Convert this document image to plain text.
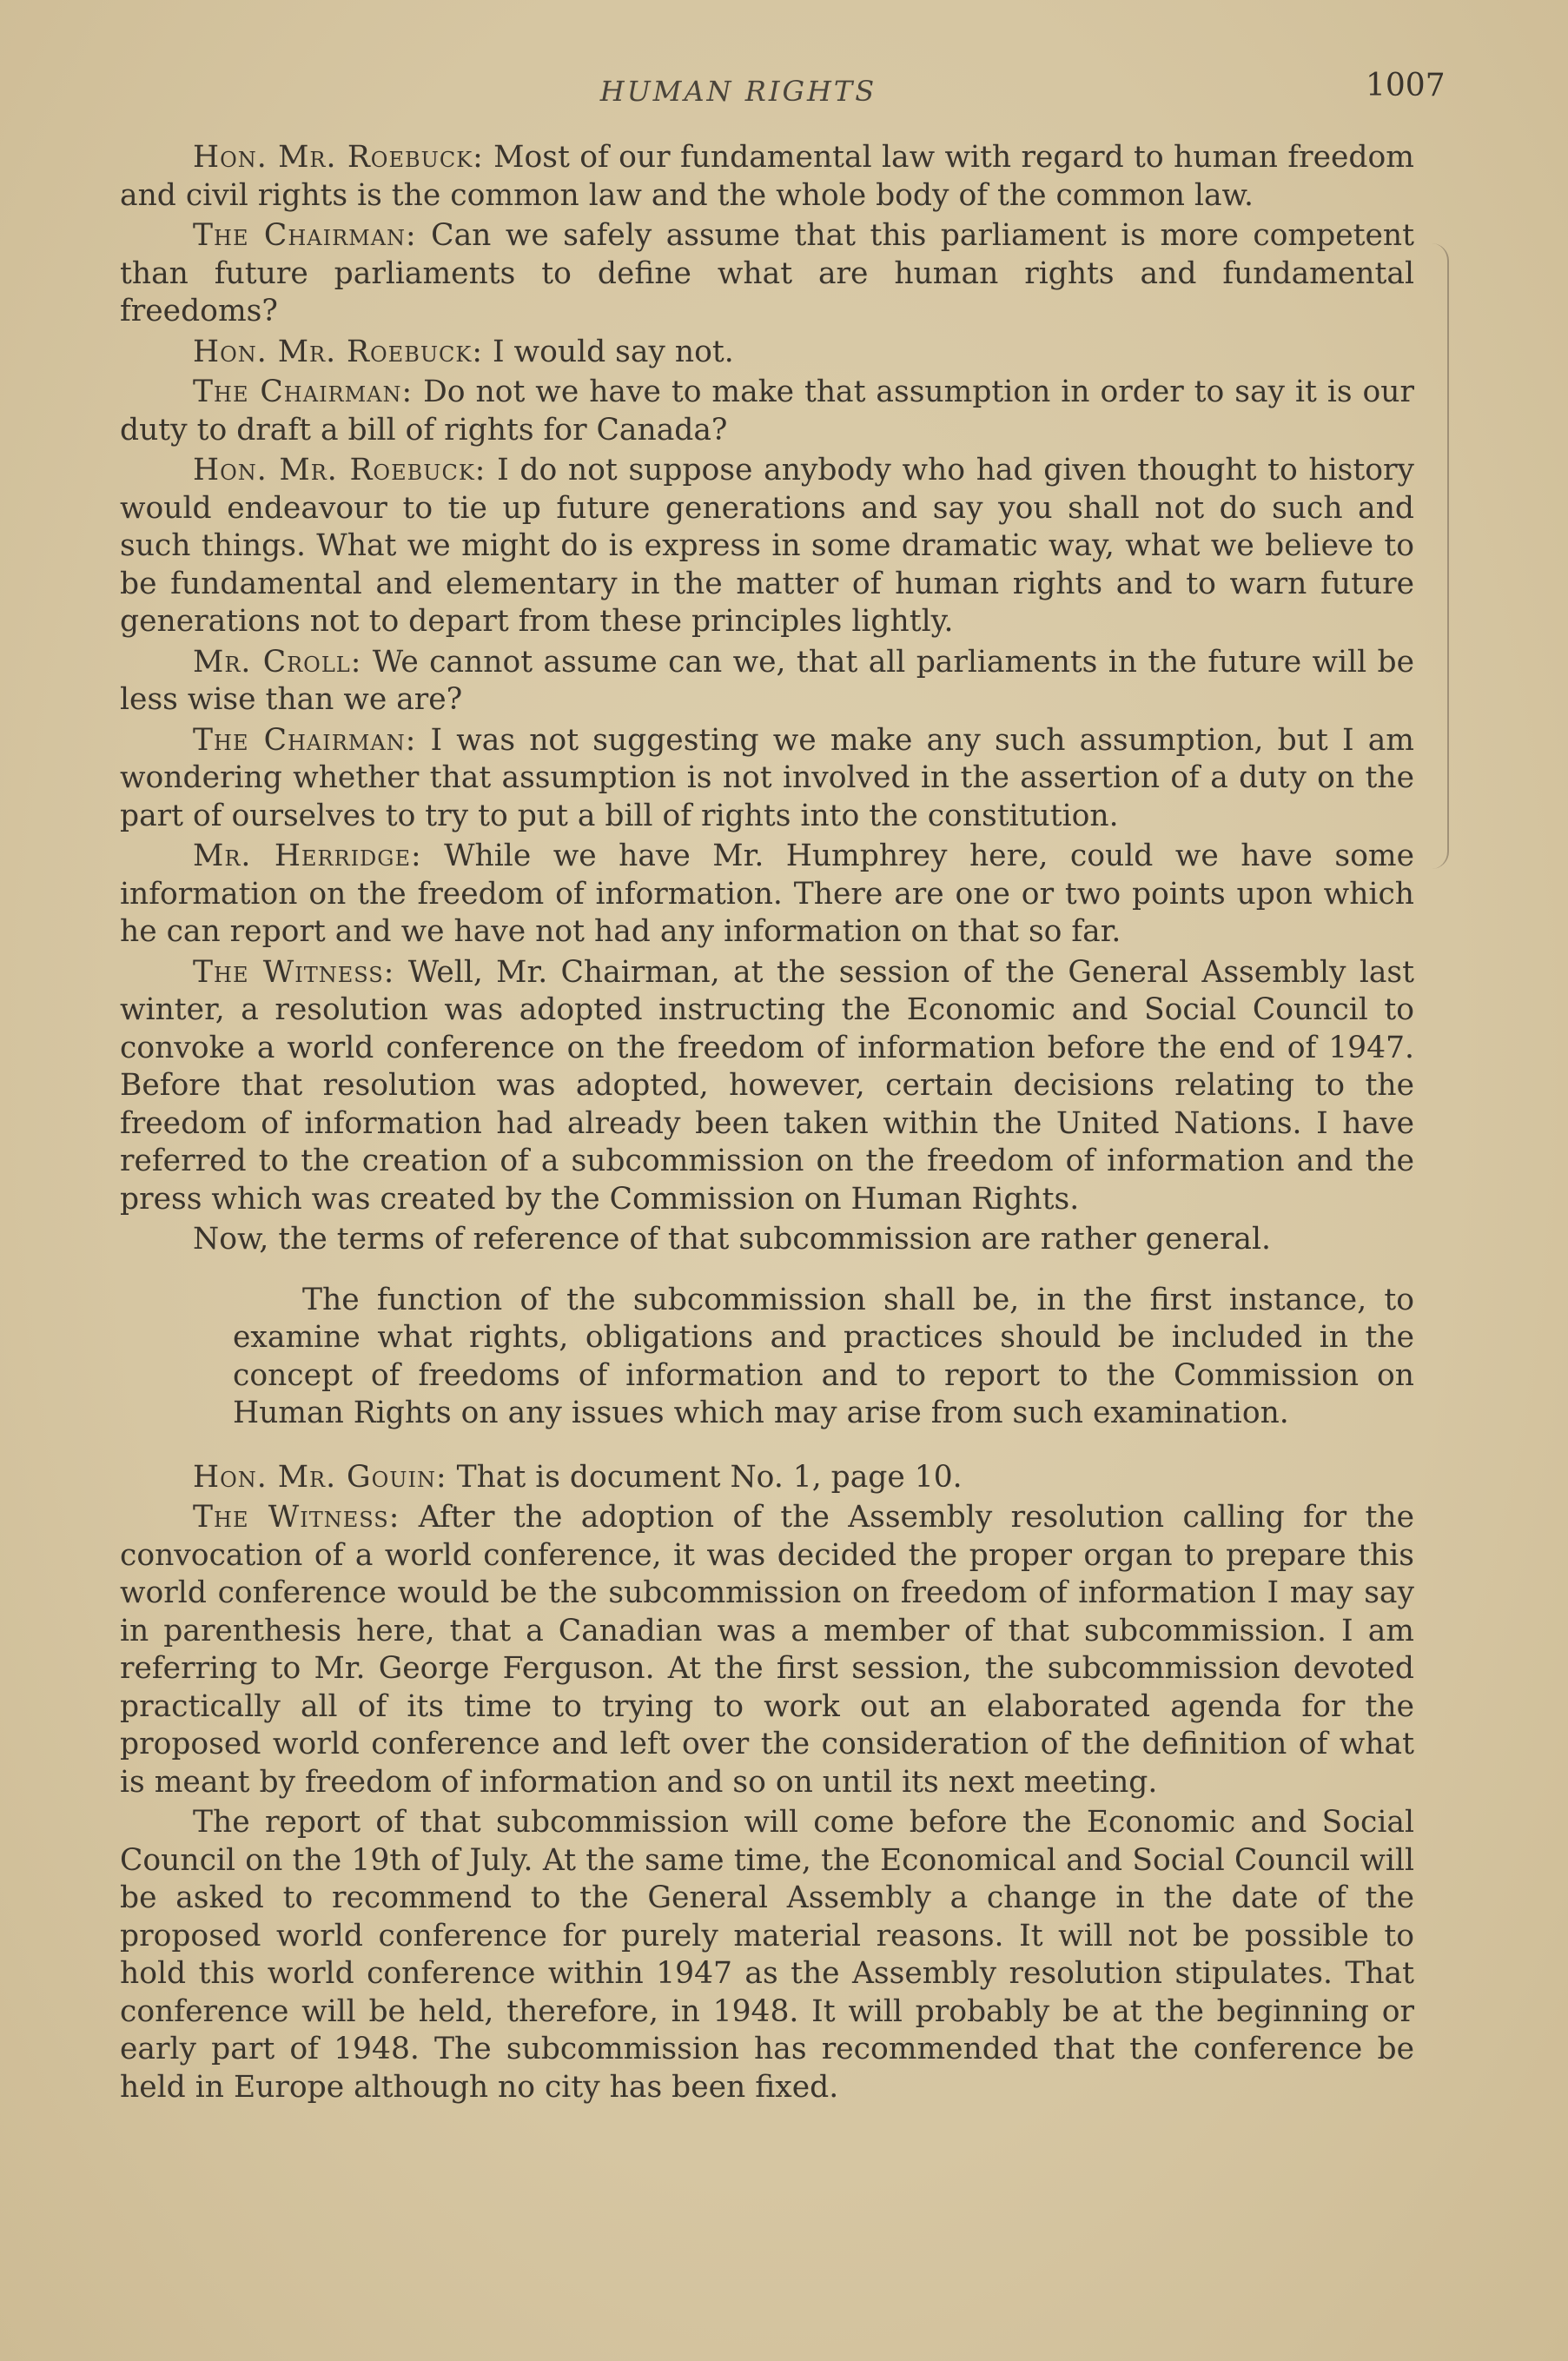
HUMAN RIGHTS	1007

Hon. Mr. Roebuck: Most of our fundamental law with regard to human freedom and civil rights is the common law and the whole body of the common law.

The Chairman: Can we safely assume that this parliament is more competent than future parliaments to define what are human rights and fundamental freedoms?

Hon. Mr. Roebuck: I would say not.

The Chairman: Do not we have to make that assumption in order to say it is our duty to draft a bill of rights for Canada?

Hon. Mr. Roebuck: I do not suppose anybody who had given thought to history would endeavour to tie up future generations and say you shall not do such and such things. What we might do is express in some dramatic way, what we believe to be fundamental and elementary in the matter of human rights and to warn future generations not to depart from these principles lightly.

Mr. Croll: We cannot assume can we, that all parliaments in the future will be less wise than we are?

The Chairman: I was not suggesting we make any such assumption, but I am wondering whether that assumption is not involved in the assertion of a duty on the part of ourselves to try to put a bill of rights into the constitution.

Mr. Herridge: While we have Mr. Humphrey here, could we have some information on the freedom of information. There are one or two points upon which he can report and we have not had any information on that so far.

The Witness: Well, Mr. Chairman, at the session of the General Assembly last winter, a resolution was adopted instructing the Economic and Social Council to convoke a world conference on the freedom of information before the end of 1947. Before that resolution was adopted, however, certain decisions relating to the freedom of information had already been taken within the United Nations. I have referred to the creation of a subcommission on the freedom of information and the press which was created by the Commission on Human Rights.

Now, the terms of reference of that subcommission are rather general.

The function of the subcommission shall be, in the first instance, to examine what rights, obligations and practices should be included in the concept of freedoms of information and to report to the Commission on Human Rights on any issues which may arise from such examination.

Hon. Mr. Gouin: That is document No. 1, page 10.

The Witness: After the adoption of the Assembly resolution calling for the convocation of a world conference, it was decided the proper organ to prepare this world conference would be the subcommission on freedom of information I may say in parenthesis here, that a Canadian was a member of that subcommission. I am referring to Mr. George Ferguson. At the first session, the subcommission devoted practically all of its time to trying to work out an elaborated agenda for the proposed world conference and left over the consideration of the definition of what is meant by freedom of information and so on until its next meeting.

The report of that subcommission will come before the Economic and Social Council on the 19th of July. At the same time, the Economical and Social Council will be asked to recommend to the General Assembly a change in the date of the proposed world conference for purely material reasons. It will not be possible to hold this world conference within 1947 as the Assembly resolution stipulates. That conference will be held, therefore, in 1948. It will probably be at the beginning or early part of 1948. The subcommission has recommended that the conference be held in Europe although no city has been fixed.
